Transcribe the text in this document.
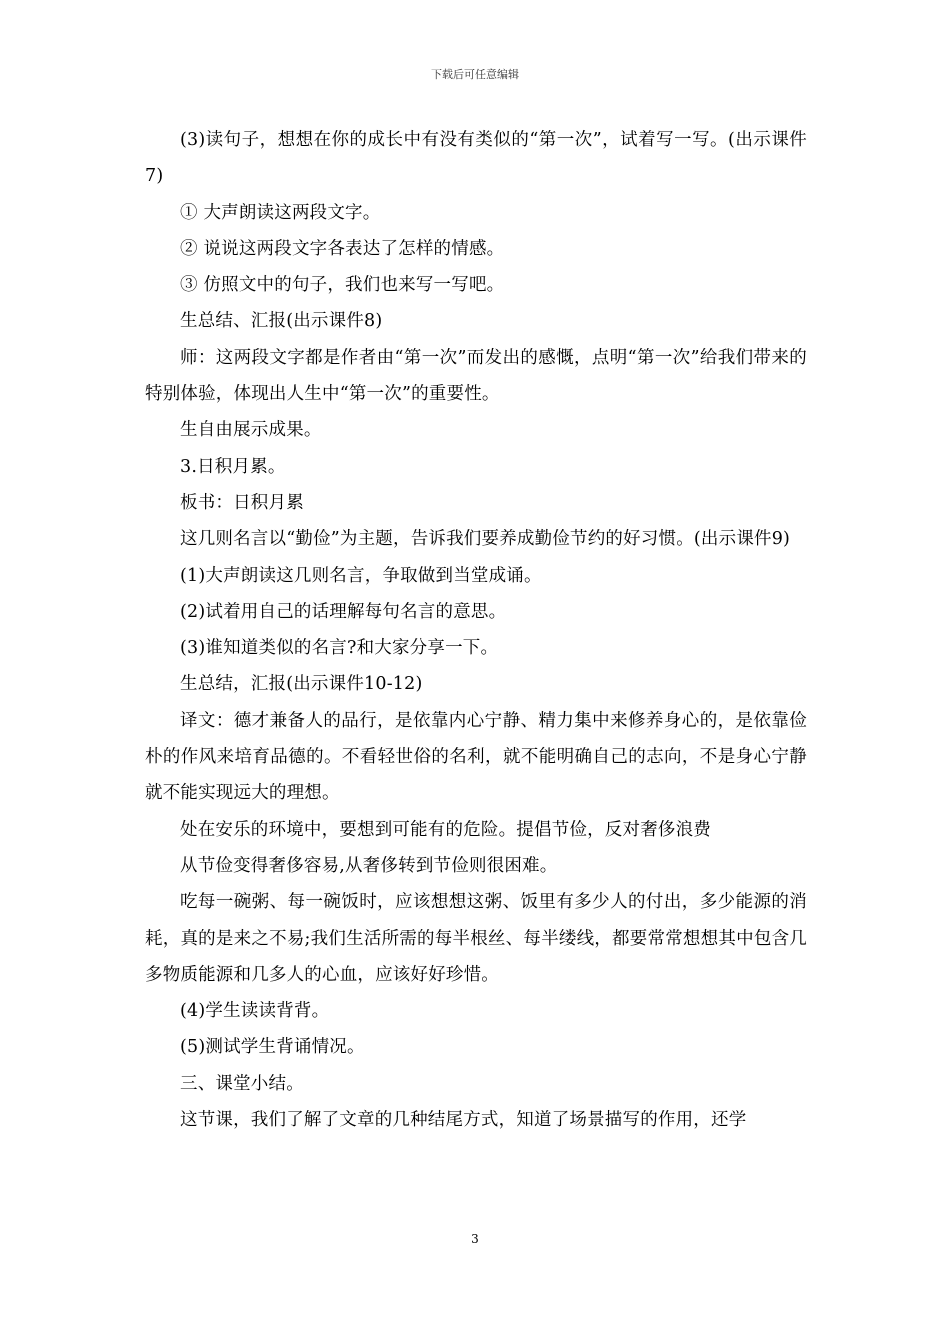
下载后可任意编辑

(3)读句子，想想在你的成长中有没有类似的“第一次”，试着写一写。(出示课件7)

① 大声朗读这两段文字。

② 说说这两段文字各表达了怎样的情感。

③ 仿照文中的句子，我们也来写一写吧。

生总结、汇报(出示课件8)

师：这两段文字都是作者由“第一次”而发出的感慨，点明“第一次”给我们带来的特别体验，体现出人生中“第一次”的重要性。

生自由展示成果。

3.日积月累。

板书：日积月累

这几则名言以“勤俭”为主题，告诉我们要养成勤俭节约的好习惯。(出示课件9)

(1)大声朗读这几则名言，争取做到当堂成诵。

(2)试着用自己的话理解每句名言的意思。

(3)谁知道类似的名言?和大家分享一下。

生总结，汇报(出示课件10-12)

译文：德才兼备人的品行，是依靠内心宁静、精力集中来修养身心的，是依靠俭朴的作风来培育品德的。不看轻世俗的名利，就不能明确自己的志向，不是身心宁静就不能实现远大的理想。

处在安乐的环境中，要想到可能有的危险。提倡节俭，反对奢侈浪费

从节俭变得奢侈容易,从奢侈转到节俭则很困难。

吃每一碗粥、每一碗饭时，应该想想这粥、饭里有多少人的付出，多少能源的消耗，真的是来之不易;我们生活所需的每半根丝、每半缕线，都要常常想想其中包含几多物质能源和几多人的心血，应该好好珍惜。

(4)学生读读背背。

(5)测试学生背诵情况。

三、课堂小结。

这节课，我们了解了文章的几种结尾方式，知道了场景描写的作用，还学

3
